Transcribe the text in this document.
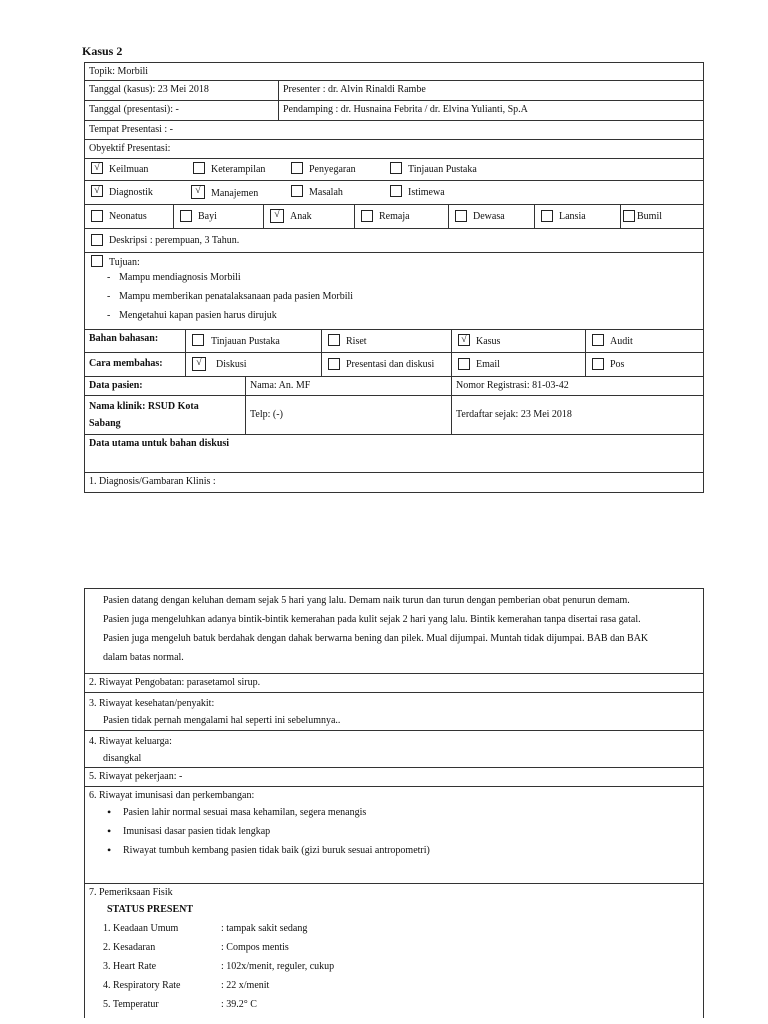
Kasus 2
Topik: Morbili
Tanggal (kasus): 23 Mei 2018	Presenter : dr. Alvin Rinaldi Rambe
Tanggal (presentasi): -	Pendamping : dr. Husnaina Febrita / dr. Elvina Yulianti, Sp.A
Tempat Presentasi : -
Obyektif Presentasi:
√ Keilmuan	Keterampilan	Penyegaran	Tinjauan Pustaka
√ Diagnostik	√	Manajemen	Masalah	Istimewa
Neonatus	Bayi	√	Anak	Remaja	Dewasa	Lansia	Bumil
Deskripsi : perempuan, 3 Tahun.
Tujuan:
- Mampu mendiagnosis Morbili
- Mampu memberikan penatalaksanaan pada pasien Morbili
- Mengetahui kapan pasien harus dirujuk
Bahan bahasan:	Tinjauan Pustaka	Riset	√ Kasus	Audit
Cara membahas:	√	Diskusi	Presentasi dan diskusi	Email	Pos
Data pasien:	Nama: An. MF	Nomor Registrasi: 81-03-42
Nama klinik: RSUD Kota
Sabang
Telp: (-)	Terdaftar sejak: 23 Mei 2018
Data utama untuk bahan diskusi
1. Diagnosis/Gambaran Klinis :
Pasien datang dengan keluhan demam sejak 5 hari yang lalu. Demam naik turun dan turun dengan pemberian obat penurun demam.
Pasien juga mengeluhkan adanya bintik-bintik kemerahan pada kulit sejak 2 hari yang lalu. Bintik kemerahan tanpa disertai rasa gatal.
Pasien juga mengeluh batuk berdahak dengan dahak berwarna bening dan pilek. Mual dijumpai. Muntah tidak dijumpai. BAB dan BAK
dalam batas normal.
2. Riwayat Pengobatan: parasetamol sirup.
3. Riwayat kesehatan/penyakit:
Pasien tidak pernah mengalami hal seperti ini sebelumnya..
4. Riwayat keluarga:
disangkal
5. Riwayat pekerjaan: -
6. Riwayat imunisasi dan perkembangan:
• Pasien lahir normal sesuai masa kehamilan, segera menangis
• Imunisasi dasar pasien tidak lengkap
• Riwayat tumbuh kembang pasien tidak baik (gizi buruk sesuai antropometri)
7. Pemeriksaan Fisik
STATUS PRESENT
1. Keadaan Umum	: tampak sakit sedang
2. Kesadaran	: Compos mentis
3. Heart Rate	: 102x/menit, reguler, cukup
4. Respiratory Rate	: 22 x/menit
5. Temperatur	: 39.2° C
